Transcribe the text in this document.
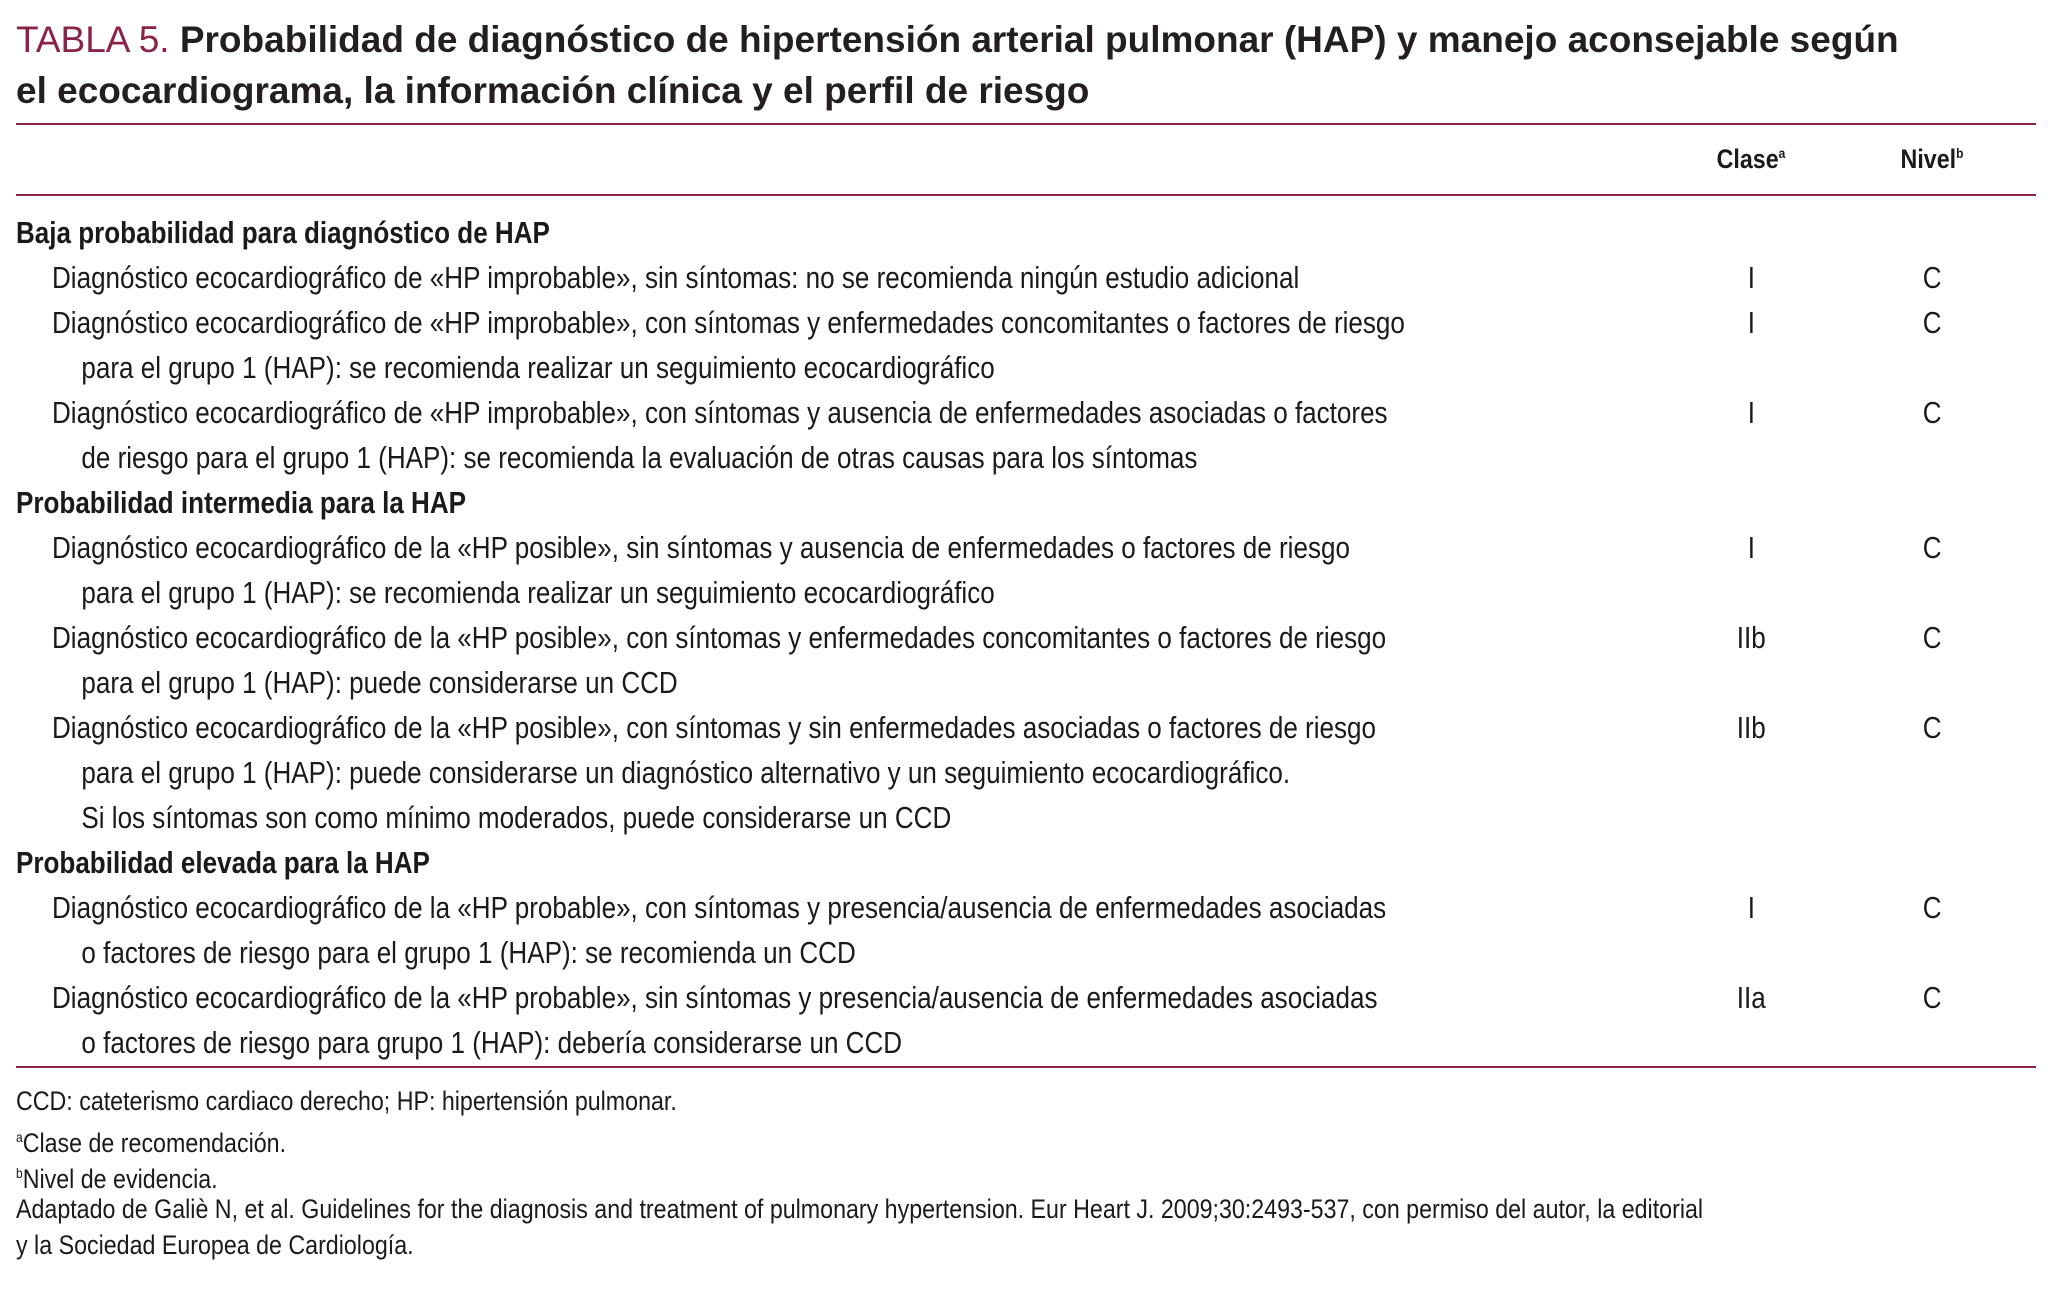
TABLA 5. Probabilidad de diagnóstico de hipertensión arterial pulmonar (HAP) y manejo aconsejable según
el ecocardiograma, la información clínica y el perfil de riesgo
Clase$^a$	Nivel$^b$
Baja probabilidad para diagnóstico de HAP
Diagnóstico ecocardiográfico de «HP improbable», sin síntomas: no se recomienda ningún estudio adicional	I	C
Diagnóstico ecocardiográfico de «HP improbable», con síntomas y enfermedades concomitantes o factores de riesgo
para el grupo 1 (HAP): se recomienda realizar un seguimiento ecocardiográfico
I	C
Diagnóstico ecocardiográfico de «HP improbable», con síntomas y ausencia de enfermedades asociadas o factores
de riesgo para el grupo 1 (HAP): se recomienda la evaluación de otras causas para los síntomas
I	C
Probabilidad intermedia para la HAP
Diagnóstico ecocardiográfico de la «HP posible», sin síntomas y ausencia de enfermedades o factores de riesgo
para el grupo 1 (HAP): se recomienda realizar un seguimiento ecocardiográfico
I	C
Diagnóstico ecocardiográfico de la «HP posible», con síntomas y enfermedades concomitantes o factores de riesgo
para el grupo 1 (HAP): puede considerarse un CCD
IIb	C
Diagnóstico ecocardiográfico de la «HP posible», con síntomas y sin enfermedades asociadas o factores de riesgo
para el grupo 1 (HAP): puede considerarse un diagnóstico alternativo y un seguimiento ecocardiográfico.
Si los síntomas son como mínimo moderados, puede considerarse un CCD
IIb	C
Probabilidad elevada para la HAP
Diagnóstico ecocardiográfico de la «HP probable», con síntomas y presencia/ausencia de enfermedades asociadas
o factores de riesgo para el grupo 1 (HAP): se recomienda un CCD
I	C
Diagnóstico ecocardiográfico de la «HP probable», sin síntomas y presencia/ausencia de enfermedades asociadas
o factores de riesgo para grupo 1 (HAP): debería considerarse un CCD
IIa	C
CCD: cateterismo cardiaco derecho; HP: hipertensión pulmonar.
$^a$Clase de recomendación.
$^b$Nivel de evidencia.
Adaptado de Galiè N, et al. Guidelines for the diagnosis and treatment of pulmonary hypertension. Eur Heart J. 2009;30:2493-537, con permiso del autor, la editorial
y la Sociedad Europea de Cardiología.
